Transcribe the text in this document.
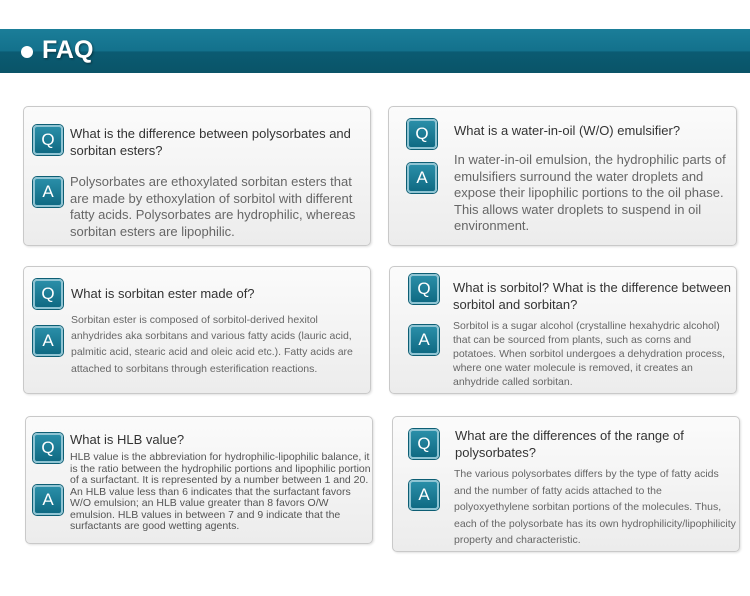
FAQ
Q	What is the difference between polysorbates and sorbitan esters?
A
Polysorbates are ethoxylated sorbitan esters that are made by ethoxylation of sorbitol with different fatty acids. Polysorbates are hydrophilic, whereas sorbitan esters are lipophilic.
Q	What is a water-in-oil (W/O) emulsifier?
A
In water-in-oil emulsion, the hydrophilic parts of emulsifiers surround the water droplets and expose their lipophilic portions to the oil phase. This allows water droplets to suspend in oil environment.
Q	What is sorbitan ester made of?
A
Sorbitan ester is composed of sorbitol-derived hexitol anhydrides aka sorbitans and various fatty acids (lauric acid, palmitic acid, stearic acid and oleic acid etc.). Fatty acids are attached to sorbitans through esterification reactions.
Q	What is sorbitol? What is the difference between sorbitol and sorbitan?
A
Sorbitol is a sugar alcohol (crystalline hexahydric alcohol) that can be sourced from plants, such as corns and potatoes. When sorbitol undergoes a dehydration process, where one water molecule is removed, it creates an anhydride called sorbitan.
Q	What is HLB value?
A
HLB value is the abbreviation for hydrophilic-lipophilic balance, it is the ratio between the hydrophilic portions and lipophilic portion of a surfactant. It is represented by a number between 1 and 20. An HLB value less than 6 indicates that the surfactant favors W/O emulsion; an HLB value greater than 8 favors O/W emulsion. HLB values in between 7 and 9 indicate that the surfactants are good wetting agents.
Q	What are the differences of the range of polysorbates?
A
The various polysorbates differs by the type of fatty acids and the number of fatty acids attached to the polyoxyethylene sorbitan portions of the molecules. Thus, each of the polysorbate has its own hydrophilicity/lipophilicity property and characteristic.
